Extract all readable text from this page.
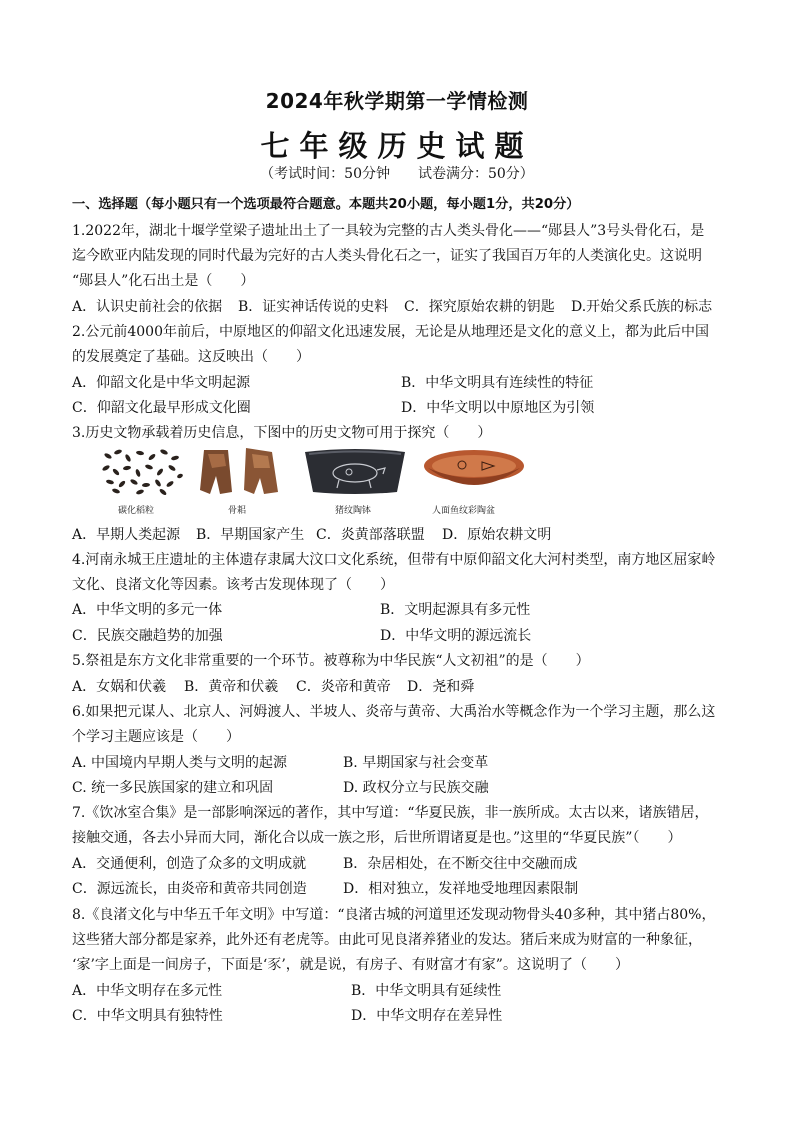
2024年秋学期第一学情检测
七年级历史试题
（考试时间：50分钟　　试卷满分：50分）
一、选择题（每小题只有一个选项最符合题意。本题共20小题，每小题1分，共20分）
1.2022年，湖北十堰学堂梁子遗址出土了一具较为完整的古人类头骨化——“郧县人”3号头骨化石，是
迄今欧亚内陆发现的同时代最为完好的古人类头骨化石之一，证实了我国百万年的人类演化史。这说明
“郧县人”化石出土是（　　）
A．认识史前社会的依据 B．证实神话传说的史料 C．探究原始农耕的钥匙 D.开始父系氏族的标志
2.公元前4000年前后，中原地区的仰韶文化迅速发展，无论是从地理还是文化的意义上，都为此后中国
的发展奠定了基础。这反映出（　　）
A．仰韶文化是中华文明起源	B．中华文明具有连续性的特征
C．仰韶文化最早形成文化圈	D．中华文明以中原地区为引领
3.历史文物承载着历史信息，下图中的历史文物可用于探究（　　）
碳化稻粒	骨耜	猪纹陶钵	人面鱼纹彩陶盆
A．早期人类起源 B．早期国家产生 C．炎黄部落联盟 D．原始农耕文明
4.河南永城王庄遗址的主体遗存隶属大汶口文化系统，但带有中原仰韶文化大河村类型，南方地区屈家岭
文化、良渚文化等因素。该考古发现体现了（　　）
A．中华文明的多元一体	B．文明起源具有多元性
C．民族交融趋势的加强	D．中华文明的源远流长
5.祭祖是东方文化非常重要的一个环节。被尊称为中华民族“人文初祖”的是（　　）
A．女娲和伏羲 B．黄帝和伏羲 C．炎帝和黄帝 D．尧和舜
6.如果把元谋人、北京人、河姆渡人、半坡人、炎帝与黄帝、大禹治水等概念作为一个学习主题，那么这
个学习主题应该是（　　）
A. 中国境内早期人类与文明的起源	B. 早期国家与社会变革
C. 统一多民族国家的建立和巩固	D. 政权分立与民族交融
7.《饮冰室合集》是一部影响深远的著作，其中写道：“华夏民族，非一族所成。太古以来，诸族错居，
接触交通，各去小异而大同，渐化合以成一族之形，后世所谓诸夏是也。”这里的“华夏民族”（　　）
A．交通便利，创造了众多的文明成就	B．杂居相处，在不断交往中交融而成
C．源远流长，由炎帝和黄帝共同创造	D．相对独立，发祥地受地理因素限制
8.《良渚文化与中华五千年文明》中写道：“良渚古城的河道里还发现动物骨头40多种，其中猪占80%，
这些猪大部分都是家养，此外还有老虎等。由此可见良渚养猪业的发达。猪后来成为财富的一种象征，
‘家’字上面是一间房子，下面是‘豕’，就是说，有房子、有财富才有家”。这说明了（　　）
A．中华文明存在多元性	B．中华文明具有延续性
C．中华文明具有独特性	D．中华文明存在差异性
